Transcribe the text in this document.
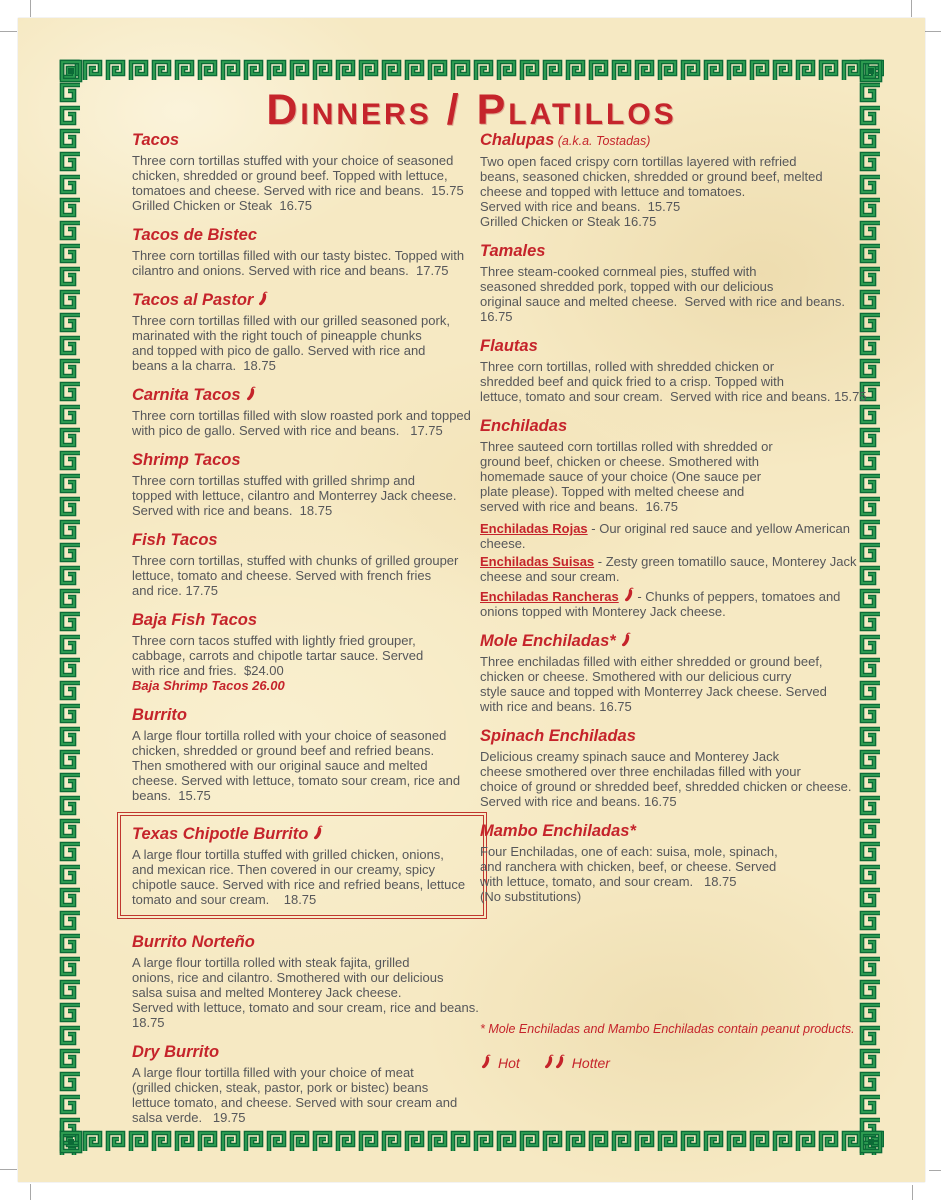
Dinners / Platillos
Tacos
Three corn tortillas stuffed with your choice of seasoned
chicken, shredded or ground beef. Topped with lettuce,
tomatoes and cheese. Served with rice and beans.  15.75
Grilled Chicken or Steak  16.75
Tacos de Bistec
Three corn tortillas filled with our tasty bistec. Topped with
cilantro and onions. Served with rice and beans.  17.75
Tacos al Pastor
Three corn tortillas filled with our grilled seasoned pork,
marinated with the right touch of pineapple chunks
and topped with pico de gallo. Served with rice and
beans a la charra.  18.75
Carnita Tacos
Three corn tortillas filled with slow roasted pork and topped
with pico de gallo. Served with rice and beans.   17.75
Shrimp Tacos
Three corn tortillas stuffed with grilled shrimp and
topped with lettuce, cilantro and Monterrey Jack cheese.
Served with rice and beans.  18.75
Fish Tacos
Three corn tortillas, stuffed with chunks of grilled grouper
lettuce, tomato and cheese. Served with french fries
and rice. 17.75
Baja Fish Tacos
Three corn tacos stuffed with lightly fried grouper,
cabbage, carrots and chipotle tartar sauce. Served
with rice and fries.  $24.00
Baja Shrimp Tacos 26.00
Burrito
A large flour tortilla rolled with your choice of seasoned
chicken, shredded or ground beef and refried beans.
Then smothered with our original sauce and melted
cheese. Served with lettuce, tomato sour cream, rice and
beans.  15.75
Texas Chipotle Burrito
A large flour tortilla stuffed with grilled chicken, onions,
and mexican rice. Then covered in our creamy, spicy
chipotle sauce. Served with rice and refried beans, lettuce
tomato and sour cream.    18.75
Burrito Norteño
A large flour tortilla rolled with steak fajita, grilled
onions, rice and cilantro. Smothered with our delicious
salsa suisa and melted Monterey Jack cheese.
Served with lettuce, tomato and sour cream, rice and beans.  18.75
Dry Burrito
A large flour tortilla filled with your choice of meat
(grilled chicken, steak, pastor, pork or bistec) beans
lettuce tomato, and cheese. Served with sour cream and
salsa verde.   19.75
Chalupas (a.k.a. Tostadas)
Two open faced crispy corn tortillas layered with refried
beans, seasoned chicken, shredded or ground beef, melted
cheese and topped with lettuce and tomatoes.
Served with rice and beans.  15.75
Grilled Chicken or Steak 16.75
Tamales
Three steam-cooked cornmeal pies, stuffed with
seasoned shredded pork, topped with our delicious
original sauce and melted cheese.  Served with rice and beans. 16.75
Flautas
Three corn tortillas, rolled with shredded chicken or
shredded beef and quick fried to a crisp. Topped with
lettuce, tomato and sour cream.  Served with rice and beans. 15.75
Enchiladas
Three sauteed corn tortillas rolled with shredded or
ground beef, chicken or cheese. Smothered with
homemade sauce of your choice (One sauce per
plate please). Topped with melted cheese and
served with rice and beans.  16.75

Enchiladas Rojas - Our original red sauce and yellow American cheese.

Enchiladas Suisas - Zesty green tomatillo sauce, Monterey Jack cheese and sour cream.

Enchiladas Rancheras - Chunks of peppers, tomatoes and onions topped with Monterey Jack cheese.

Mole Enchiladas*
Three enchiladas filled with either shredded or ground beef,
chicken or cheese. Smothered with our delicious curry
style sauce and topped with Monterrey Jack cheese. Served
with rice and beans. 16.75
Spinach Enchiladas
Delicious creamy spinach sauce and Monterey Jack
cheese smothered over three enchiladas filled with your
choice of ground or shredded beef, shredded chicken or cheese.
Served with rice and beans. 16.75
Mambo Enchiladas*
Four Enchiladas, one of each: suisa, mole, spinach,
and ranchera with chicken, beef, or cheese. Served
with lettuce, tomato, and sour cream.   18.75
(No substitutions)
* Mole Enchiladas and Mambo Enchiladas contain peanut products.
Hot	Hotter
